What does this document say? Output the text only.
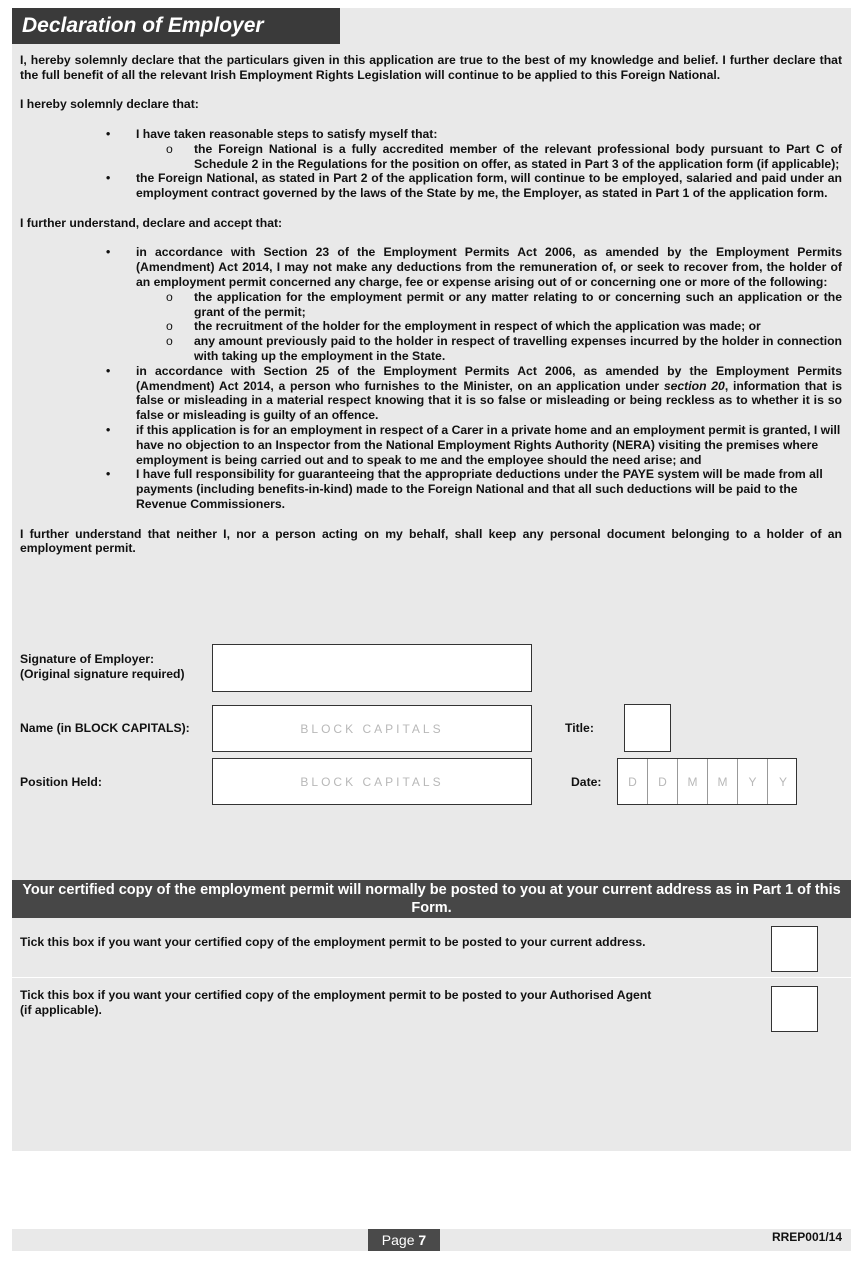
Declaration of Employer

I, hereby solemnly declare that the particulars given in this application are true to the best of my knowledge and belief. I further declare that the full benefit of all the relevant Irish Employment Rights Legislation will continue to be applied to this Foreign National.

I hereby solemnly declare that:

• I have taken reasonable steps to satisfy myself that:
o the Foreign National is a fully accredited member of the relevant professional body pursuant to Part C of Schedule 2 in the Regulations for the position on offer, as stated in Part 3 of the application form (if applicable);
• the Foreign National, as stated in Part 2 of the application form, will continue to be employed, salaried and paid under an employment contract governed by the laws of the State by me, the Employer, as stated in Part 1 of the application form.

I further understand, declare and accept that:

• in accordance with Section 23 of the Employment Permits Act 2006, as amended by the Employment Permits (Amendment) Act 2014, I may not make any deductions from the remuneration of, or seek to recover from, the holder of an employment permit concerned any charge, fee or expense arising out of or concerning one or more of the following:
o the application for the employment permit or any matter relating to or concerning such an application or the grant of the permit;
o the recruitment of the holder for the employment in respect of which the application was made; or
o any amount previously paid to the holder in respect of travelling expenses incurred by the holder in connection with taking up the employment in the State.
• in accordance with Section 25 of the Employment Permits Act 2006, as amended by the Employment Permits (Amendment) Act 2014, a person who furnishes to the Minister, on an application under section 20, information that is false or misleading in a material respect knowing that it is so false or misleading or being reckless as to whether it is so false or misleading is guilty of an offence.
• if this application is for an employment in respect of a Carer in a private home and an employment permit is granted, I will have no objection to an Inspector from the National Employment Rights Authority (NERA) visiting the premises where employment is being carried out and to speak to me and the employee should the need arise; and
• I have full responsibility for guaranteeing that the appropriate deductions under the PAYE system will be made from all payments (including benefits-in-kind) made to the Foreign National and that all such deductions will be paid to the Revenue Commissioners.

I further understand that neither I, nor a person acting on my behalf, shall keep any personal document belonging to a holder of an employment permit.

Signature of Employer:
(Original signature required)
Name (in BLOCK CAPITALS):	BLOCK CAPITALS	Title:
Position Held:	BLOCK CAPITALS	Date:	D	D	M	M	Y	Y
Your certified copy of the employment permit will normally be posted to you at your current address as in Part 1 of this Form.
Tick this box if you want your certified copy of the employment permit to be posted to your current address.
Tick this box if you want your certified copy of the employment permit to be posted to your Authorised Agent
(if applicable).
Page 7	RREP001/14
